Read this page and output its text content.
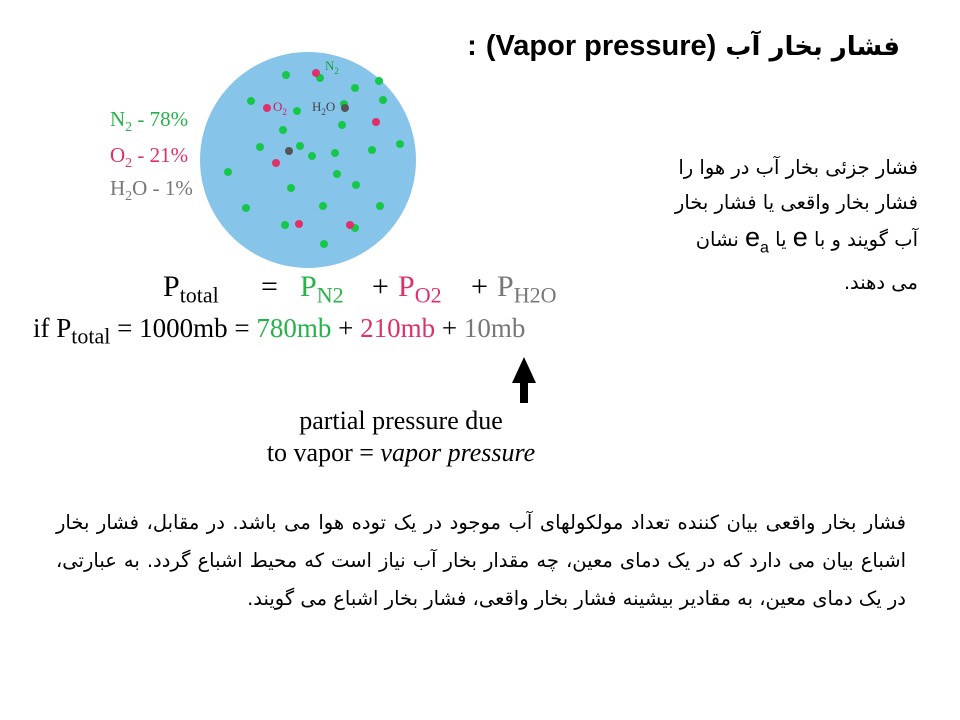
: (Vapor pressure) فشار بخار آب
$N_2$
$O_2$ $H_2O$
$N_2 - 78\%$
$O_2 - 21\%$
$H_2O - 1\%$
$P_{total} = P_{N2} + P_{O2} + P_{H2O}$
if $P_{total} = 1000mb = 780mb + 210mb + 10mb$
partial pressure due
to vapor = vapor pressure
فشار جزئی بخار آب در هوا را
فشار بخار واقعی یا فشار بخار
آب گویند و با e یا $e_a$ نشان
می دهند.
فشار بخار واقعی بیان کننده تعداد مولکولهای آب موجود در یک توده هوا می باشد. در مقابل، فشار بخار اشباع بیان می دارد که در یک دمای معین، چه مقدار بخار آب نیاز است که محیط اشباع گردد. به عبارتی، در یک دمای معین، به مقادیر بیشینه فشار بخار واقعی، فشار بخار اشباع می گویند.
